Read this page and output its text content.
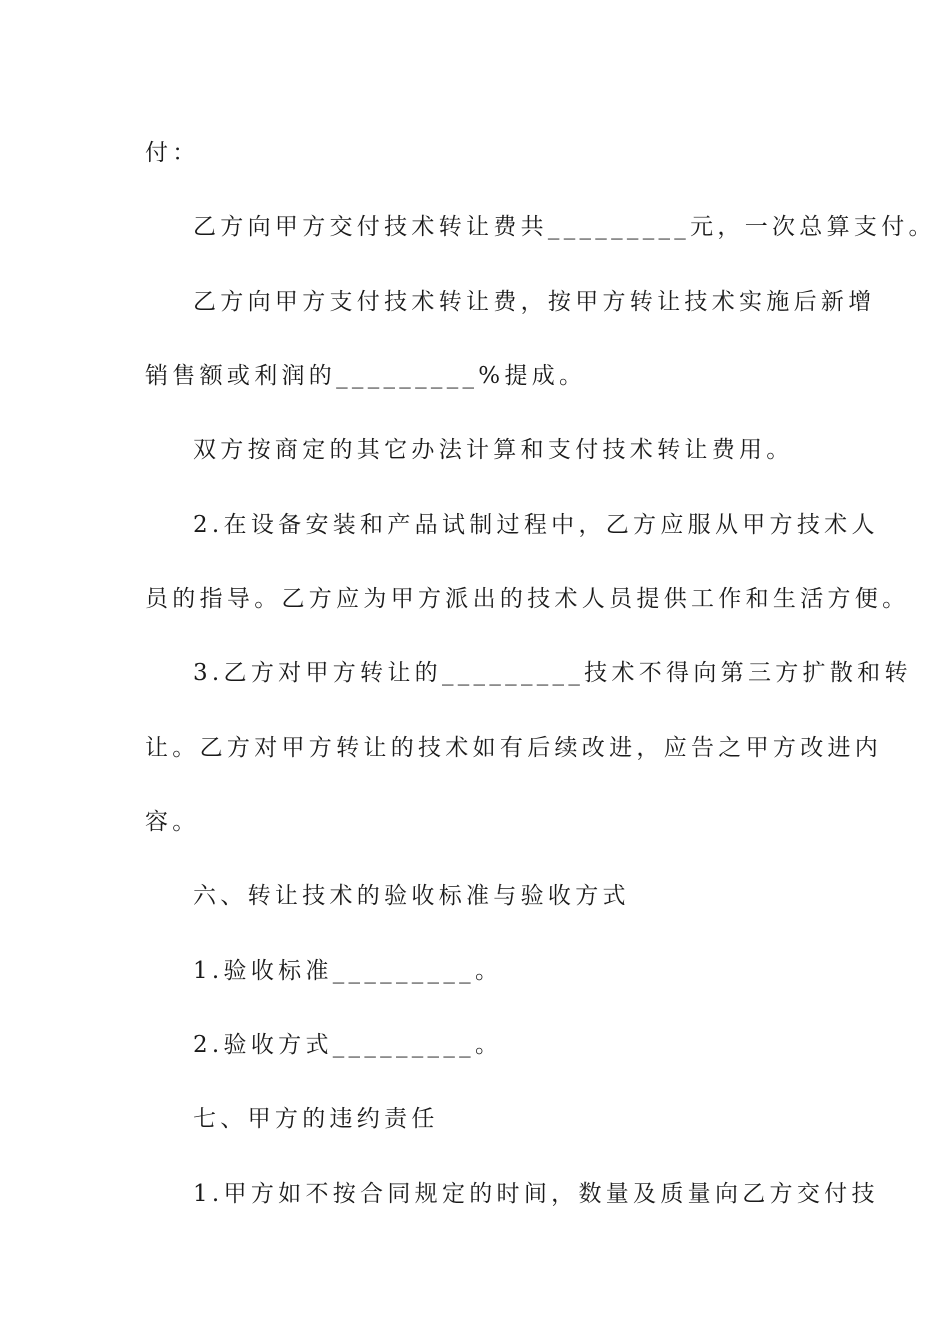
付：
乙方向甲方交付技术转让费共_________元，一次总算支付。
乙方向甲方支付技术转让费，按甲方转让技术实施后新增
销售额或利润的_________%提成。
双方按商定的其它办法计算和支付技术转让费用。
2.在设备安装和产品试制过程中，乙方应服从甲方技术人
员的指导。乙方应为甲方派出的技术人员提供工作和生活方便。
3.乙方对甲方转让的_________技术不得向第三方扩散和转
让。乙方对甲方转让的技术如有后续改进，应告之甲方改进内
容。
六、转让技术的验收标准与验收方式
1.验收标准_________。
2.验收方式_________。
七、甲方的违约责任
1.甲方如不按合同规定的时间，数量及质量向乙方交付技
